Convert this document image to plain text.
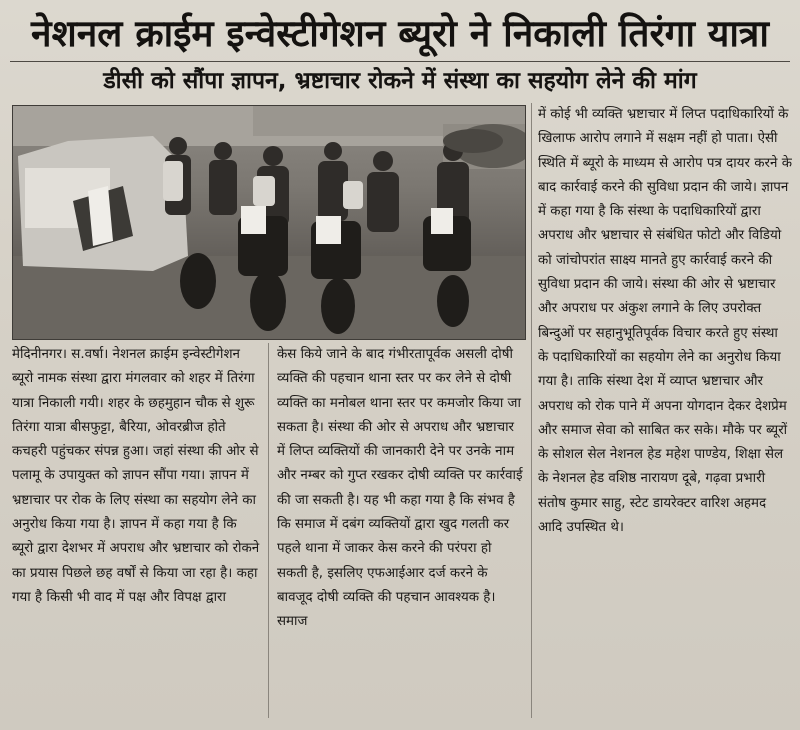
नेशनल क्राईम इन्वेस्टीगेशन ब्यूरो ने निकाली तिरंगा यात्रा
डीसी को सौंपा ज्ञापन, भ्रष्टाचार रोकने में संस्था का सहयोग लेने की मांग

मेदिनीनगर। स.वर्षा। नेशनल क्राईम इन्वेस्टीगेशन ब्यूरो नामक संस्था द्वारा मंगलवार को शहर में तिरंगा यात्रा निकाली गयी। शहर के छहमुहान चौक से शुरू तिरंगा यात्रा बीसफुट्टा, बैरिया, ओवरब्रीज होते कचहरी पहुंचकर संपन्न हुआ। जहां संस्था की ओर से पलामू के उपायुक्त को ज्ञापन सौंपा गया। ज्ञापन में भ्रष्टाचार पर रोक के लिए संस्था का सहयोग लेने का अनुरोध किया गया है। ज्ञापन में कहा गया है कि ब्यूरो द्वारा देशभर में अपराध और भ्रष्टाचार को रोकने का प्रयास पिछले छह वर्षों से किया जा रहा है। कहा गया है किसी भी वाद में पक्ष और विपक्ष द्वारा

केस किये जाने के बाद गंभीरतापूर्वक असली दोषी व्यक्ति की पहचान थाना स्तर पर कर लेने से दोषी व्यक्ति का मनोबल थाना स्तर पर कमजोर किया जा सकता है। संस्था की ओर से अपराध और भ्रष्टाचार में लिप्त व्यक्तियों की जानकारी देने पर उनके नाम और नम्बर को गुप्त रखकर दोषी व्यक्ति पर कार्रवाई की जा सकती है। यह भी कहा गया है कि संभव है कि समाज में दबंग व्यक्तियों द्वारा खुद गलती कर पहले थाना में जाकर केस करने की परंपरा हो सकती है, इसलिए एफआईआर दर्ज करने के बावजूद दोषी व्यक्ति की पहचान आवश्यक है। समाज

में कोई भी व्यक्ति भ्रष्टाचार में लिप्त पदाधिकारियों के खिलाफ आरोप लगाने में सक्षम नहीं हो पाता। ऐसी स्थिति में ब्यूरो के माध्यम से आरोप पत्र दायर करने के बाद कार्रवाई करने की सुविधा प्रदान की जाये। ज्ञापन में कहा गया है कि संस्था के पदाधिकारियों द्वारा अपराध और भ्रष्टाचार से संबंधित फोटो और विडियो को जांचोपरांत साक्ष्य मानते हुए कार्रवाई करने की सुविधा प्रदान की जाये। संस्था की ओर से भ्रष्टाचार और अपराध पर अंकुश लगाने के लिए उपरोक्त बिन्दुओं पर सहानुभूतिपूर्वक विचार करते हुए संस्था के पदाधिकारियों का सहयोग लेने का अनुरोध किया गया है। ताकि संस्था देश में व्याप्त भ्रष्टाचार और अपराध को रोक पाने में अपना योगदान देकर देशप्रेम और समाज सेवा को साबित कर सके। मौके पर ब्यूरों के सोशल सेल नेशनल हेड महेश पाण्डेय, शिक्षा सेल के नेशनल हेड वशिष्ठ नारायण दूबे, गढ़वा प्रभारी संतोष कुमार साहु, स्टेट डायरेक्टर वारिश अहमद आदि उपस्थित थे।
